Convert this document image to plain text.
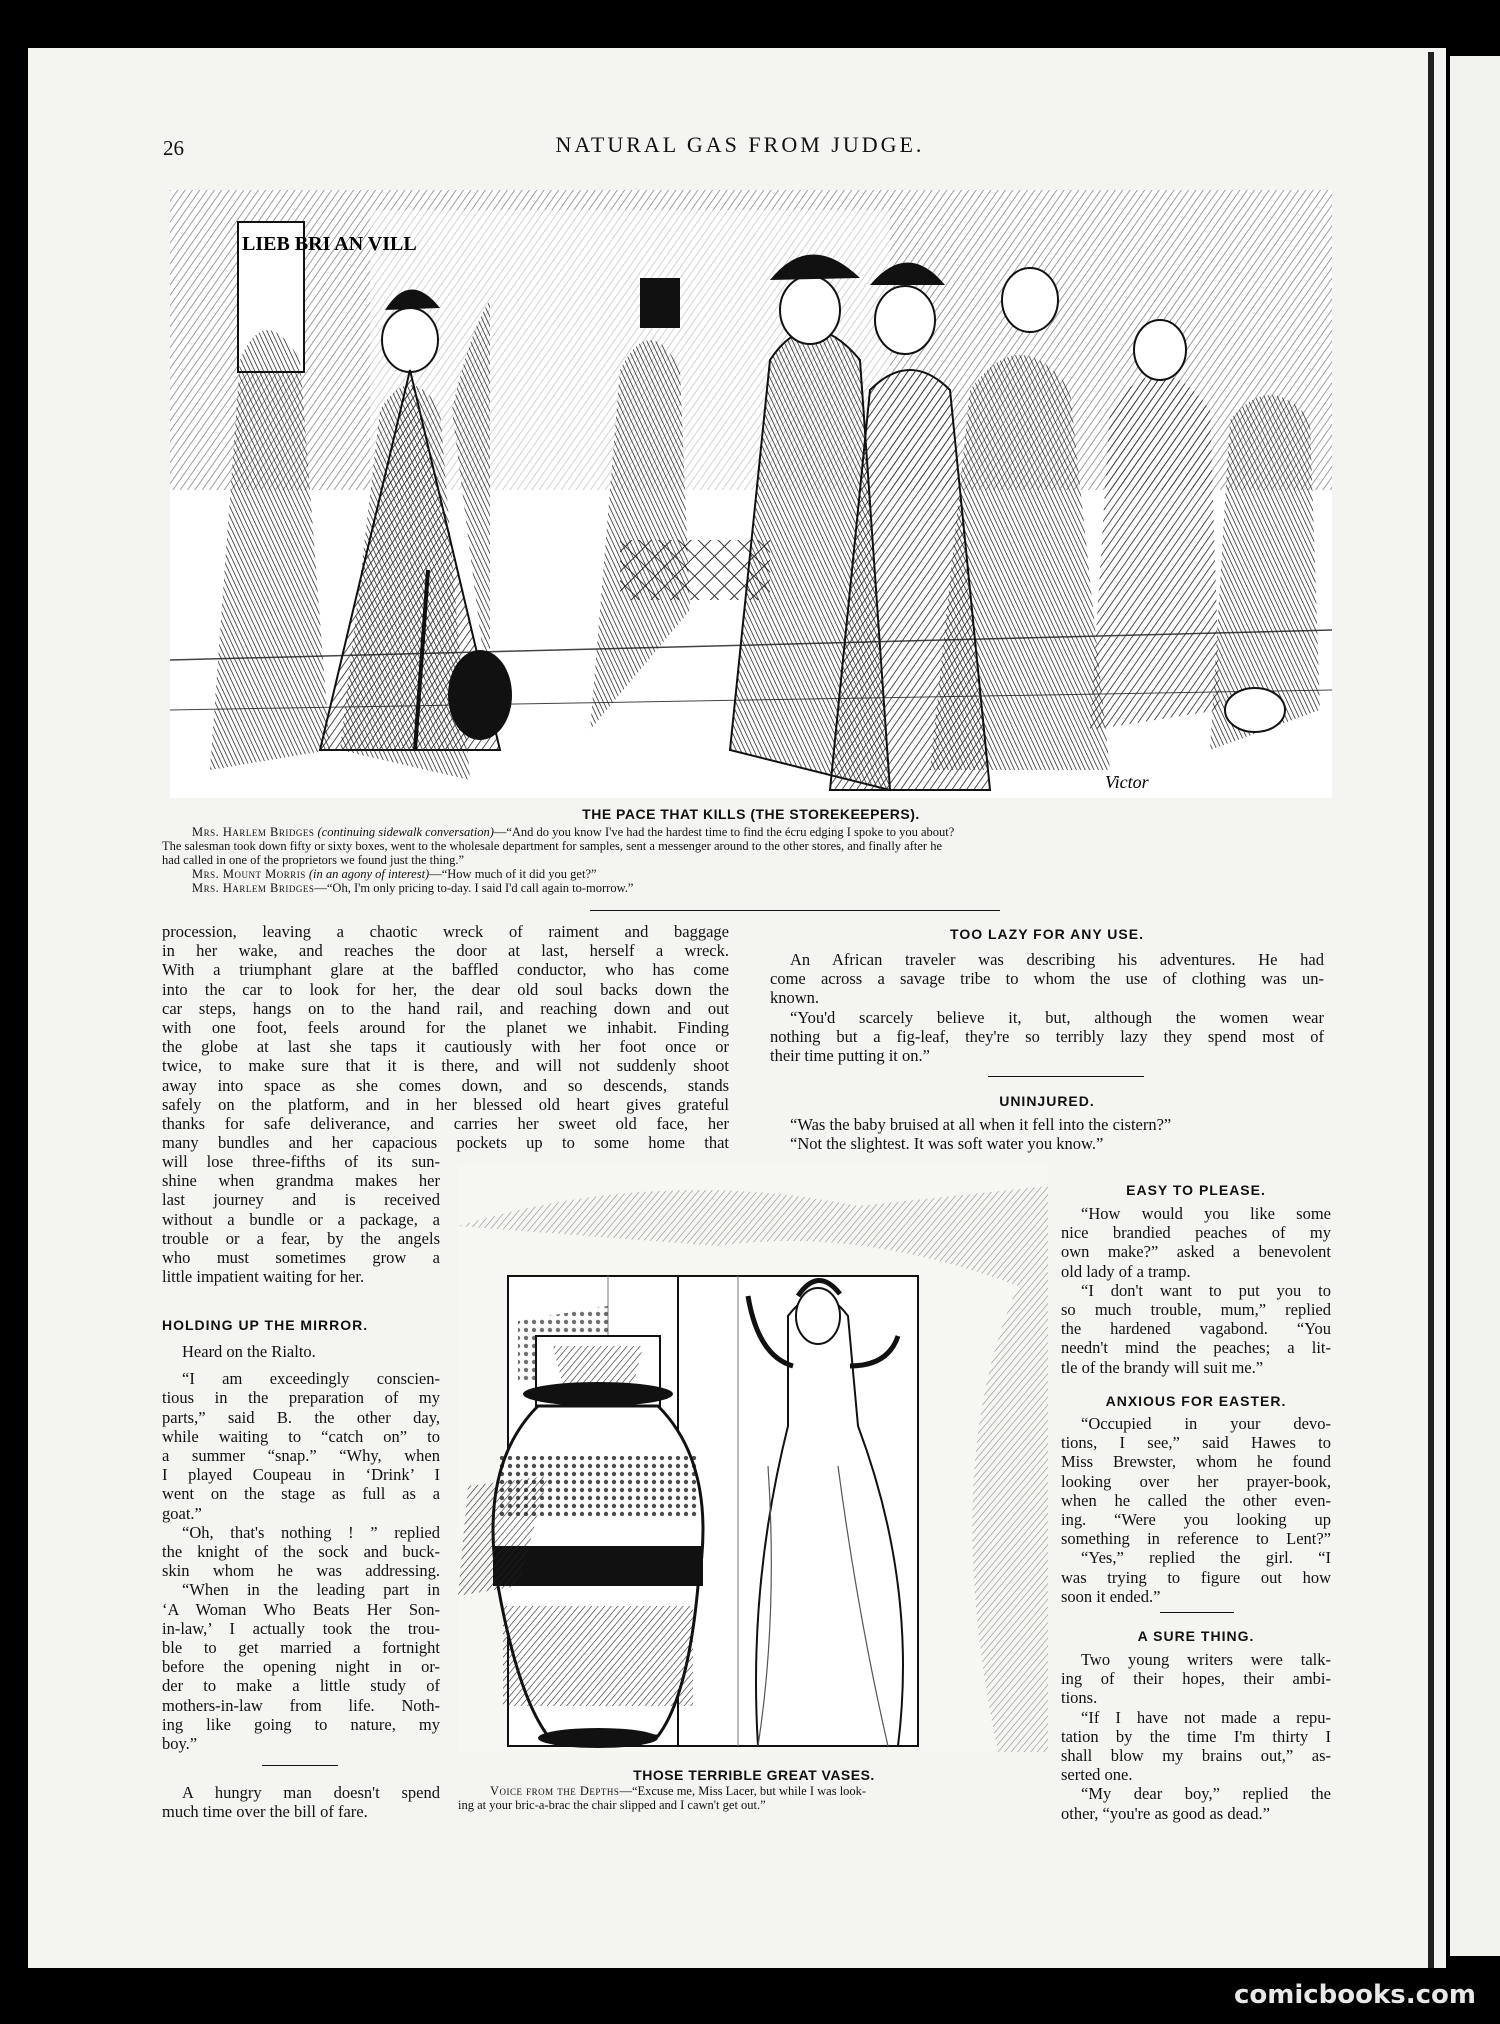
26	NATURAL GAS FROM JUDGE.
LIEB BRI AN VILL
Victor
THE PACE THAT KILLS (THE STOREKEEPERS).
Mrs. Harlem Bridges (continuing sidewalk conversation)—“And do you know I've had the hardest time to find the écru edging I spoke to you about?
The salesman took down fifty or sixty boxes, went to the wholesale department for samples, sent a messenger around to the other stores, and finally after he
had called in one of the proprietors we found just the thing.”
Mrs. Mount Morris (in an agony of interest)—“How much of it did you get?”
Mrs. Harlem Bridges—“Oh, I'm only pricing to-day. I said I'd call again to-morrow.”
procession, leaving a chaotic wreck of raiment and baggage
in her wake, and reaches the door at last, herself a wreck.
With a triumphant glare at the baffled conductor, who has come
into the car to look for her, the dear old soul backs down the
car steps, hangs on to the hand rail, and reaching down and out
with one foot, feels around for the planet we inhabit. Finding
the globe at last she taps it cautiously with her foot once or
twice, to make sure that it is there, and will not suddenly shoot
away into space as she comes down, and so descends, stands
safely on the platform, and in her blessed old heart gives grateful
thanks for safe deliverance, and carries her sweet old face, her
many bundles and her capacious pockets up to some home that
will lose three-fifths of its sun-
shine when grandma makes her
last journey and is received
without a bundle or a package, a
trouble or a fear, by the angels
who must sometimes grow a
little impatient waiting for her.
HOLDING UP THE MIRROR.
Heard on the Rialto.
“I am exceedingly conscien-
tious in the preparation of my
parts,” said B. the other day,
while waiting to “catch on” to
a summer “snap.” “Why, when
I played Coupeau in ‘Drink’ I
went on the stage as full as a
goat.”
“Oh, that's nothing ! ” replied
the knight of the sock and buck-
skin whom he was addressing.
“When in the leading part in
‘A Woman Who Beats Her Son-
in-law,’ I actually took the trou-
ble to get married a fortnight
before the opening night in or-
der to make a little study of
mothers-in-law from life. Noth-
ing like going to nature, my
boy.”
A hungry man doesn't spend
much time over the bill of fare.
TOO LAZY FOR ANY USE.
An African traveler was describing his adventures. He had
come across a savage tribe to whom the use of clothing was un-
known.
“You'd scarcely believe it, but, although the women wear
nothing but a fig-leaf, they're so terribly lazy they spend most of
their time putting it on.”
UNINJURED.
“Was the baby bruised at all when it fell into the cistern?”
“Not the slightest. It was soft water you know.”
EASY TO PLEASE.
“How would you like some
nice brandied peaches of my
own make?” asked a benevolent
old lady of a tramp.
“I don't want to put you to
so much trouble, mum,” replied
the hardened vagabond. “You
needn't mind the peaches; a lit-
tle of the brandy will suit me.”
ANXIOUS FOR EASTER.
“Occupied in your devo-
tions, I see,” said Hawes to
Miss Brewster, whom he found
looking over her prayer-book,
when he called the other even-
ing. “Were you looking up
something in reference to Lent?”
“Yes,” replied the girl. “I
was trying to figure out how
soon it ended.”
A SURE THING.
Two young writers were talk-
ing of their hopes, their ambi-
tions.
“If I have not made a repu-
tation by the time I'm thirty I
shall blow my brains out,” as-
serted one.
“My dear boy,” replied the
other, “you're as good as dead.”
THOSE TERRIBLE GREAT VASES.
Voice from the Depths—“Excuse me, Miss Lacer, but while I was look-
ing at your bric-a-brac the chair slipped and I cawn't get out.”
comicbooks.com
